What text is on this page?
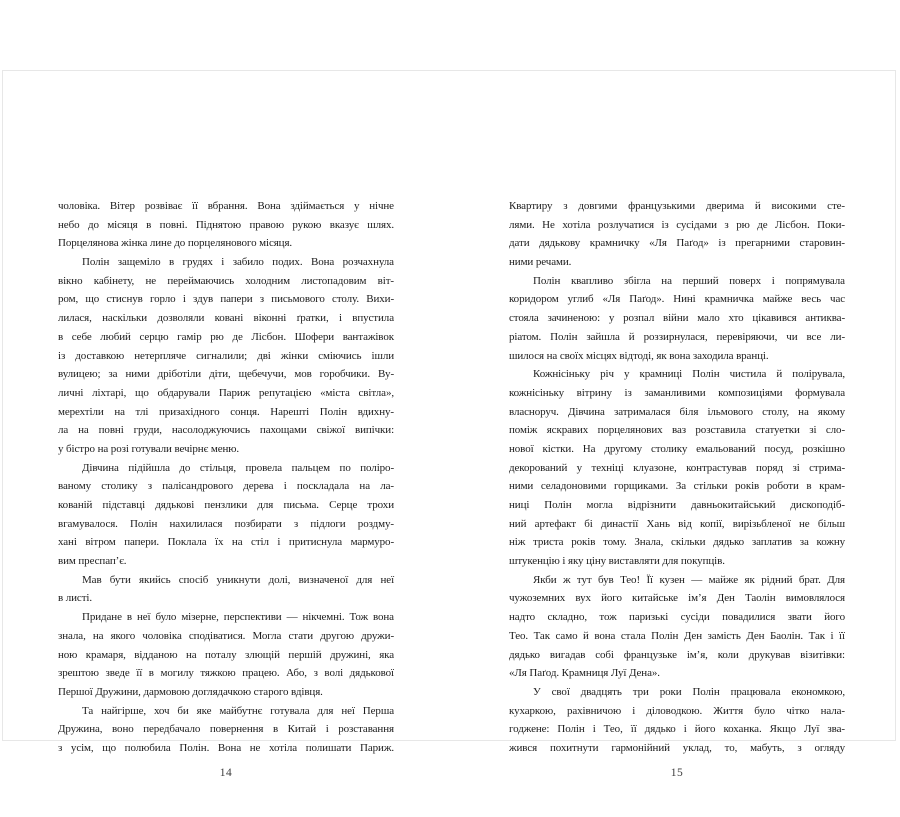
чоловіка. Вітер розвіває її вбрання. Вона здіймається у нічне
небо до місяця в повні. Піднятою правою рукою вказує шлях.
Порцелянова жінка лине до порцелянового місяця.
Полін защеміло в грудях і забило подих. Вона розчахнула
вікно кабінету, не переймаючись холодним листопадовим віт-
ром, що стиснув горло і здув папери з письмового столу. Вихи-
лилася, наскільки дозволяли ковані віконні ґратки, і впустила
в себе любий серцю гамір рю де Лісбон. Шофери вантажівок
із доставкою нетерпляче сигналили; дві жінки сміючись ішли
вулицею; за ними дріботіли діти, щебечучи, мов горобчики. Ву-
личні ліхтарі, що обдарували Париж репутацією «міста світла»,
мерехтіли на тлі призахідного сонця. Нарешті Полін вдихну-
ла на повні груди, насолоджуючись пахощами свіжої випічки:
у бістро на розі готували вечірнє меню.
Дівчина підійшла до стільця, провела пальцем по поліро-
ваному столику з палісандрового дерева і поскладала на ла-
кованій підставці дядькові пензлики для письма. Серце трохи
вгамувалося. Полін нахилилася позбирати з підлоги роздму-
хані вітром папери. Поклала їх на стіл і притиснула мармуро-
вим преспап’є.
Мав бути якийсь спосіб уникнути долі, визначеної для неї
в листі.
Придане в неї було мізерне, перспективи — нікчемні. Тож вона
знала, на якого чоловіка сподіватися. Могла стати другою дружи-
ною крамаря, відданою на поталу злющій першій дружині, яка
зрештою зведе її в могилу тяжкою працею. Або, з волі дядькової
Першої Дружини, дармовою доглядачкою старого вдівця.
Та найгірше, хоч би яке майбутнє готувала для неї Перша
Дружина, воно передбачало повернення в Китай і розставання
з усім, що полюбила Полін. Вона не хотіла полишати Париж.
Квартиру з довгими французькими дверима й високими сте-
лями. Не хотіла розлучатися із сусідами з рю де Лісбон. Поки-
дати дядькову крамничку «Ля Паґод» із прегарними старовин-
ними речами.
Полін квапливо збігла на перший поверх і попрямувала
коридором углиб «Ля Паґод». Нині крамничка майже весь час
стояла зачиненою: у розпал війни мало хто цікавився антиква-
ріатом. Полін зайшла й роззирнулася, перевіряючи, чи все ли-
шилося на своїх місцях відтоді, як вона заходила вранці.
Кожнісіньку річ у крамниці Полін чистила й полірувала,
кожнісіньку вітрину із заманливими композиціями формувала
власноруч. Дівчина затрималася біля ільмового столу, на якому
поміж яскравих порцелянових ваз розставила статуетки зі сло-
нової кістки. На другому столику емальований посуд, розкішно
декорований у техніці клуазоне, контрастував поряд зі стрима-
ними селадоновими горщиками. За стільки років роботи в крам-
ниці Полін могла відрізнити давньокитайський дископодіб-
ний артефакт бі династії Хань від копії, вирізьбленої не більш
ніж триста років тому. Знала, скільки дядько заплатив за кожну
штукенцію і яку ціну виставляти для покупців.
Якби ж тут був Тео! Її кузен — майже як рідний брат. Для
чужоземних вух його китайське ім’я Ден Таолін вимовлялося
надто складно, тож паризькі сусіди повадилися звати його
Тео. Так само й вона стала Полін Ден замість Ден Баолін. Так і її
дядько вигадав собі французьке ім’я, коли друкував візитівки:
«Ля Паґод. Крамниця Луї Дена».
У свої двадцять три роки Полін працювала економкою,
кухаркою, рахівничою і діловодкою. Життя було чітко нала-
годжене: Полін і Тео, її дядько і його коханка. Якщо Луї зва-
жився похитнути гармонійний уклад, то, мабуть, з огляду
14	15
